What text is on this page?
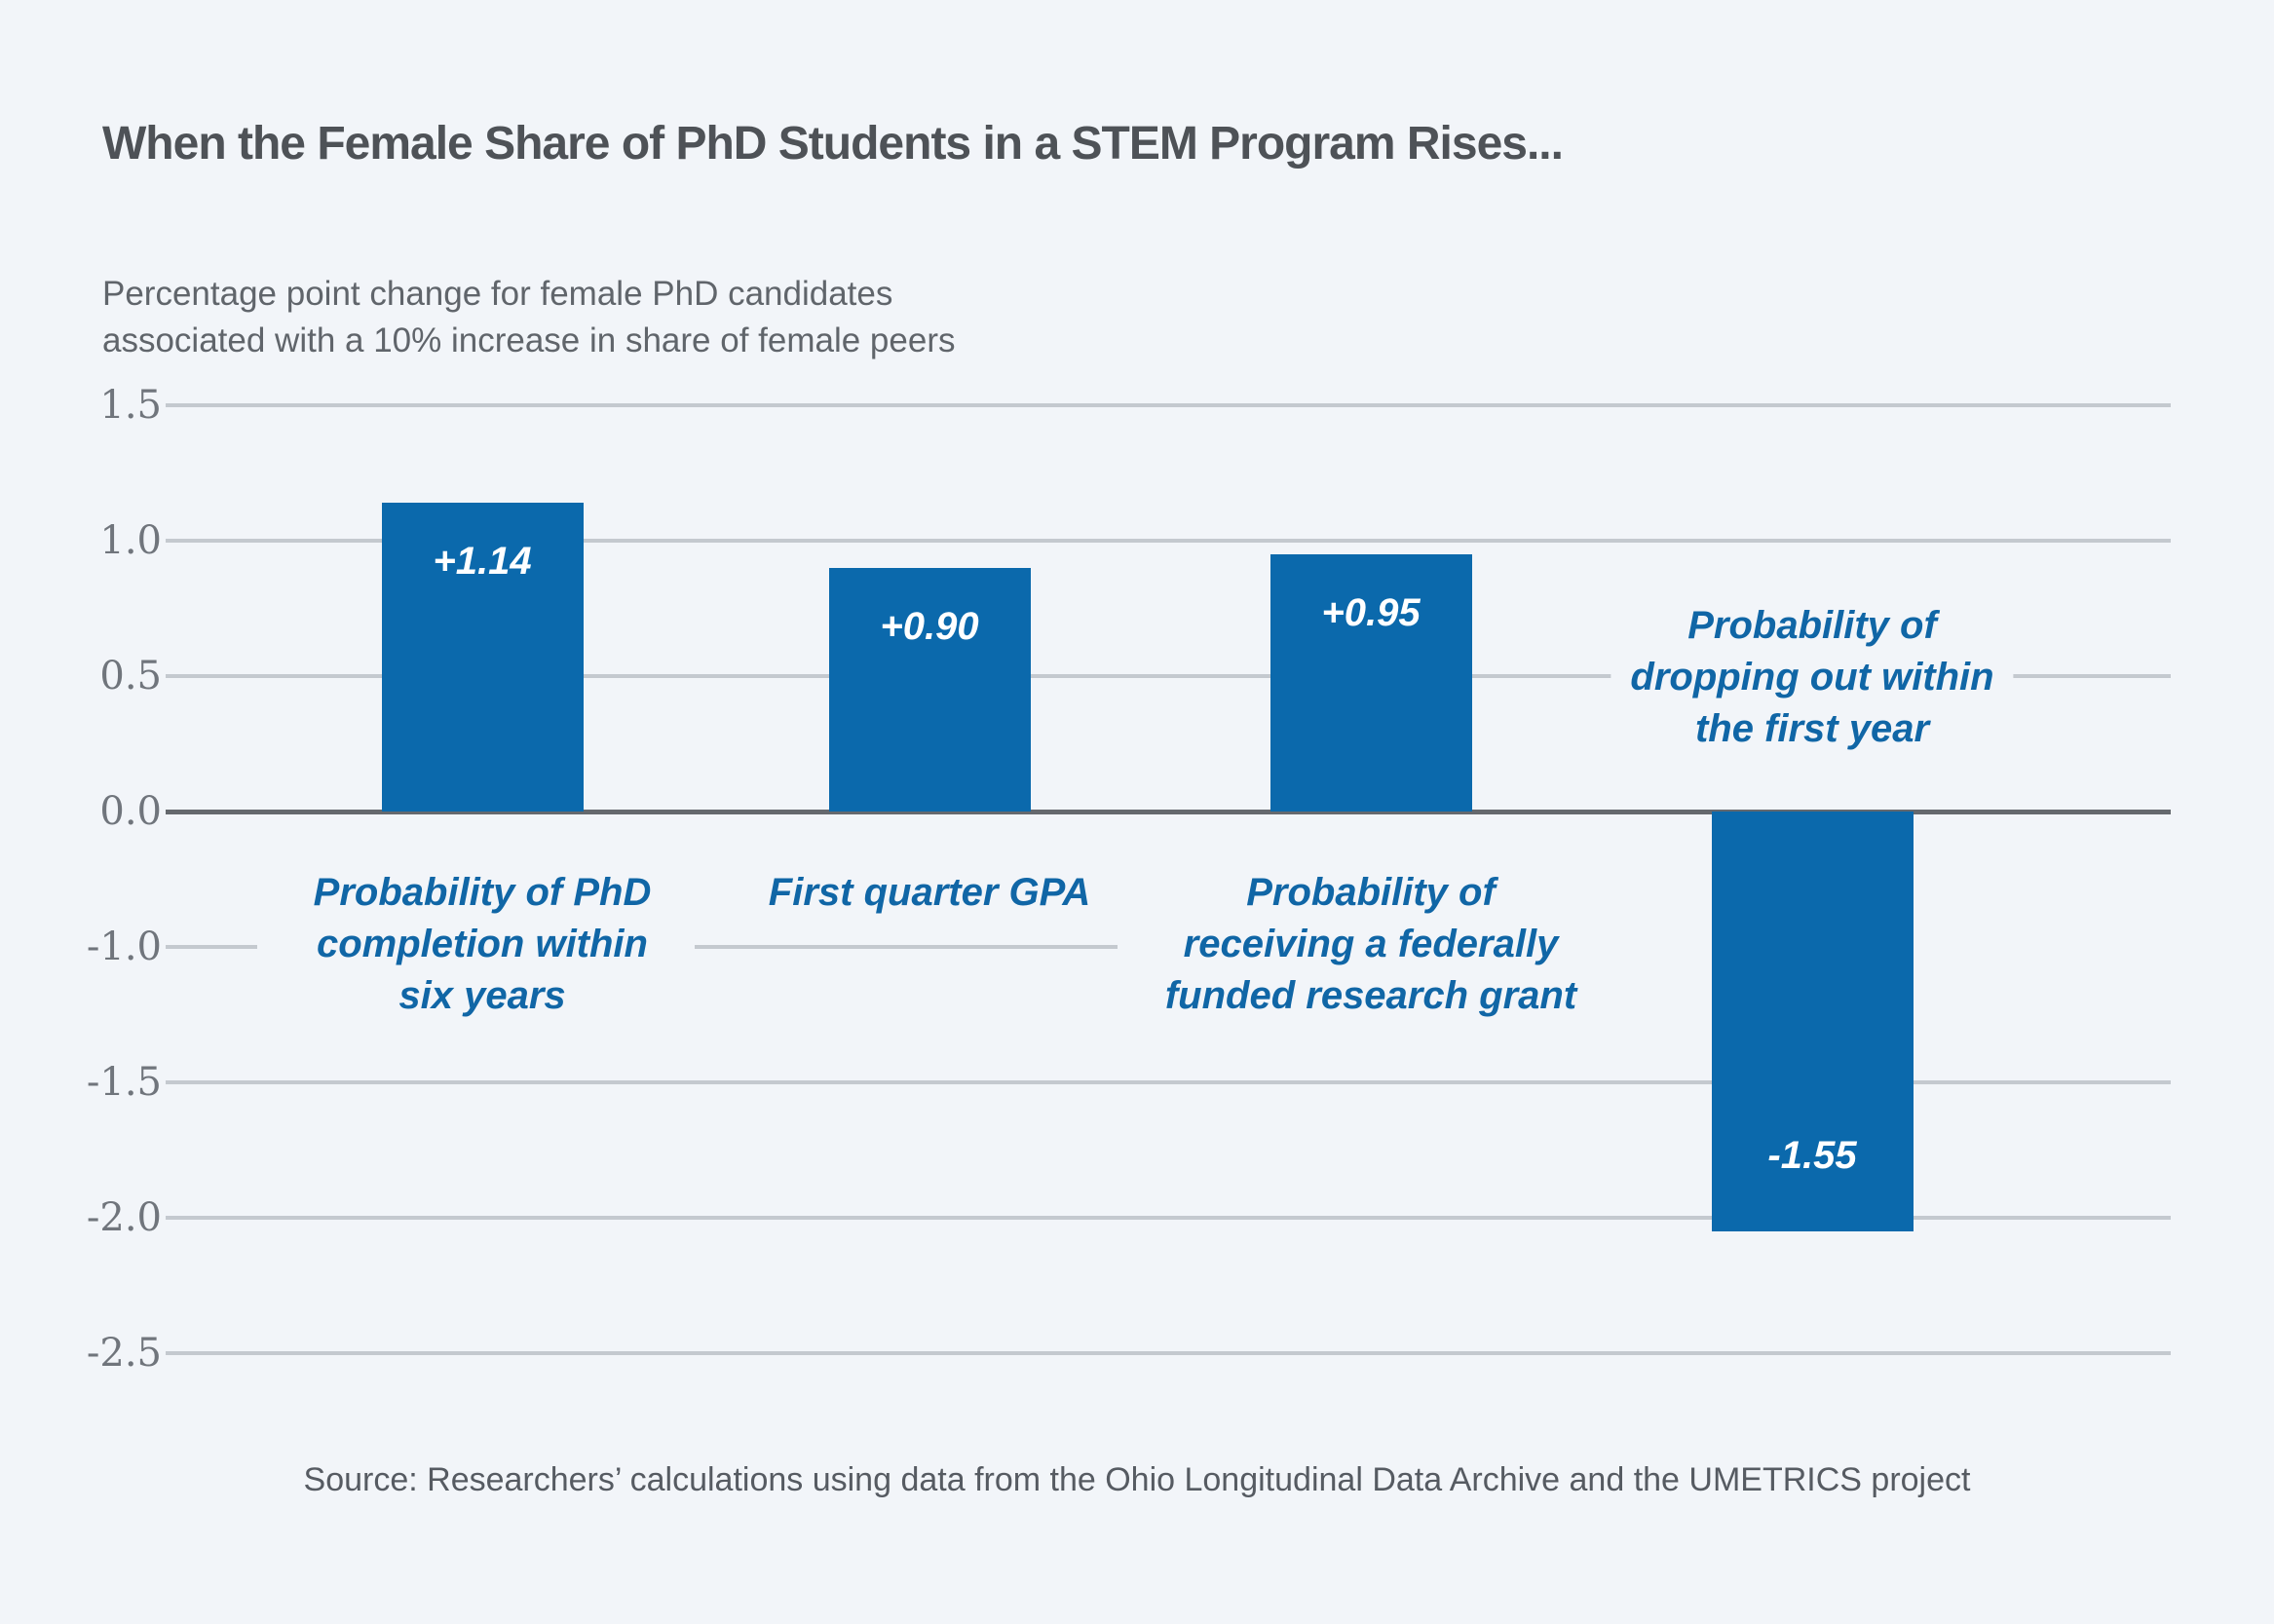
When the Female Share of PhD Students in a STEM Program Rises...
Percentage point change for female PhD candidates
associated with a 10% increase in share of female peers
1.5
1.0
0.5
0.0
-1.0
-1.5
-2.0
-2.5
+1.14
Probability of PhD
completion within
six years
+0.90
First quarter GPA
+0.95
Probability of
receiving a federally
funded research grant
-1.55
Probability of
dropping out within
the first year
Source: Researchers’ calculations using data from the Ohio Longitudinal Data Archive and the UMETRICS project
